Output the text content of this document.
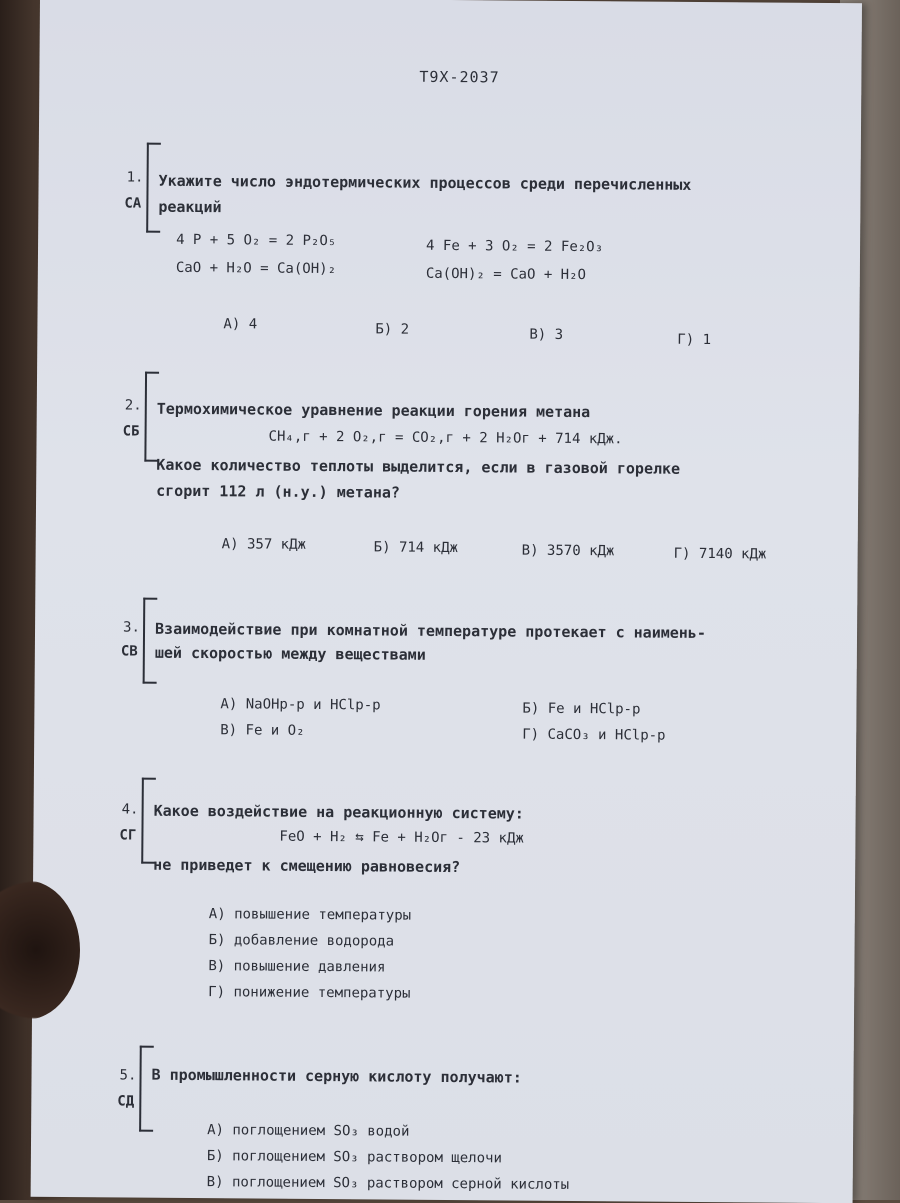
Т9Х-2037
1.
СА
Укажите число эндотермических процессов среди перечисленных
реакций
4 P + 5 O₂ = 2 P₂O₅	4 Fe + 3 O₂ = 2 Fe₂O₃
CaO + H₂O = Ca(OH)₂	Ca(OH)₂ = CaO + H₂O
А) 4	Б) 2	В) 3	Г) 1
2.
СБ
Термохимическое уравнение реакции горения метана
CH₄,г + 2 O₂,г = CO₂,г + 2 H₂Oг + 714 кДж.
Какое количество теплоты выделится, если в газовой горелке
сгорит 112 л (н.у.) метана?
А) 357 кДж	Б) 714 кДж	В) 3570 кДж	Г) 7140 кДж
3.
СВ
Взаимодействие при комнатной температуре протекает с наимень-
шей скоростью между веществами
А) NaOHр-р и HClр-р	Б) Fe и HClр-р
В) Fe и O₂	Г) CaCO₃ и HClр-р
4.
СГ
Какое воздействие на реакционную систему:
FeO + H₂ ⇆ Fe + H₂Oг - 23 кДж
не приведет к смещению равновесия?
А) повышение температуры
Б) добавление водорода
В) повышение давления
Г) понижение температуры
5.
СД
В промышленности серную кислоту получают:
А) поглощением SO₃ водой
Б) поглощением SO₃ раствором щелочи
В) поглощением SO₃ раствором серной кислоты
